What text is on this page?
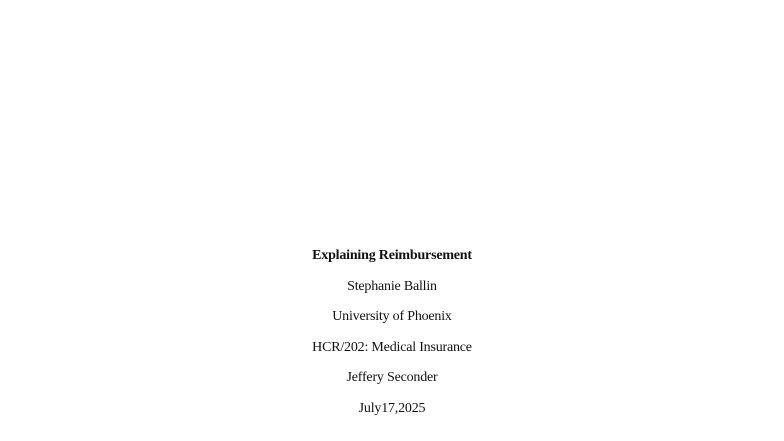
Explaining Reimbursement
Stephanie Ballin
University of Phoenix
HCR/202: Medical Insurance
Jeffery Seconder
July17,2025
